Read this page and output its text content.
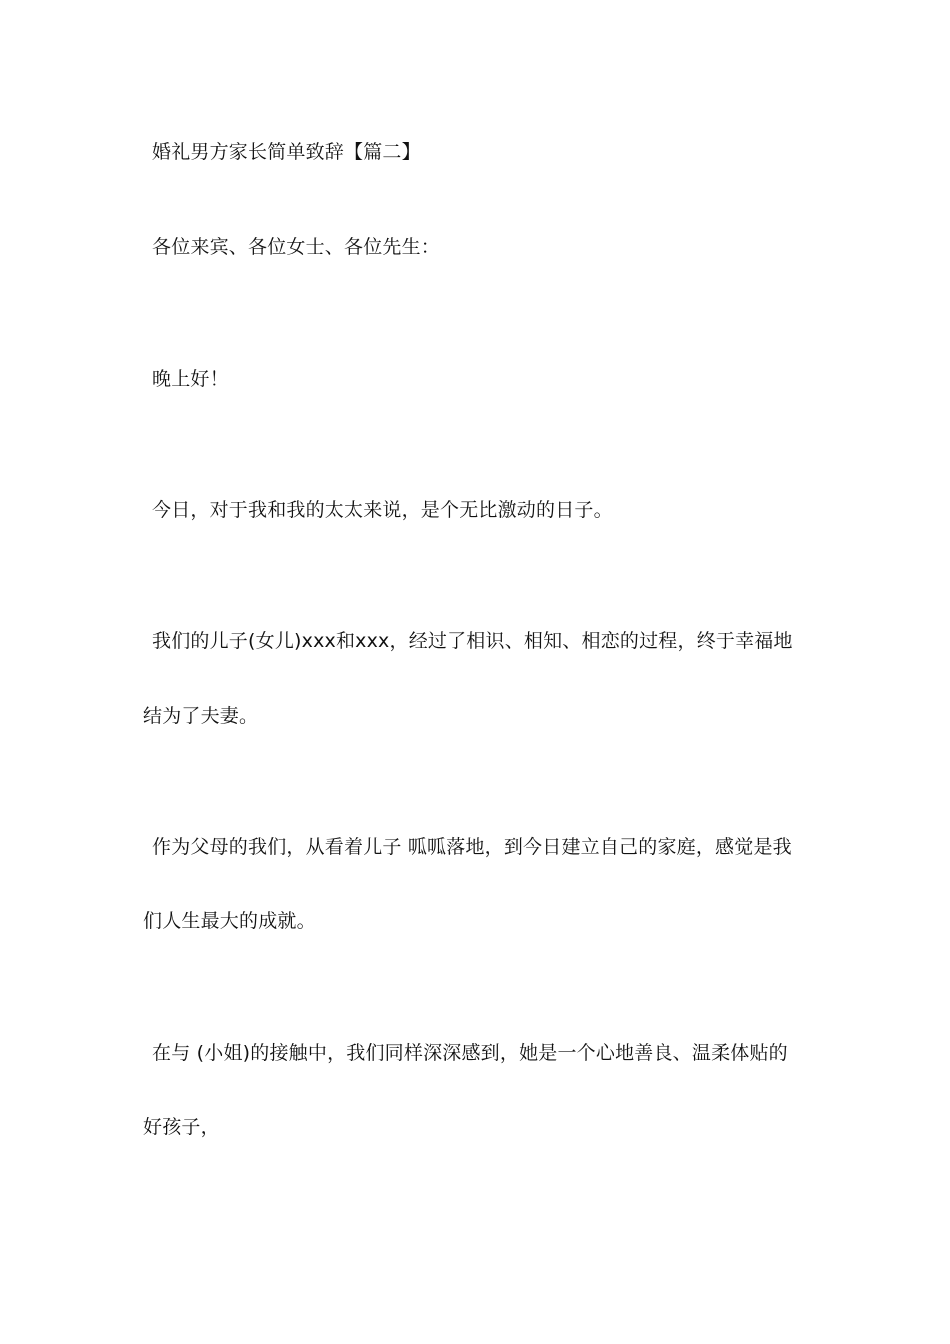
婚礼男方家长简单致辞【篇二】
各位来宾、各位女士、各位先生：
晚上好！
今日，对于我和我的太太来说，是个无比激动的日子。
我们的儿子(女儿)xxx和xxx，经过了相识、相知、相恋的过程，终于幸福地
结为了夫妻。
作为父母的我们，从看着儿子 呱呱落地，到今日建立自己的家庭，感觉是我
们人生最大的成就。
在与 (小姐)的接触中，我们同样深深感到，她是一个心地善良、温柔体贴的
好孩子，
